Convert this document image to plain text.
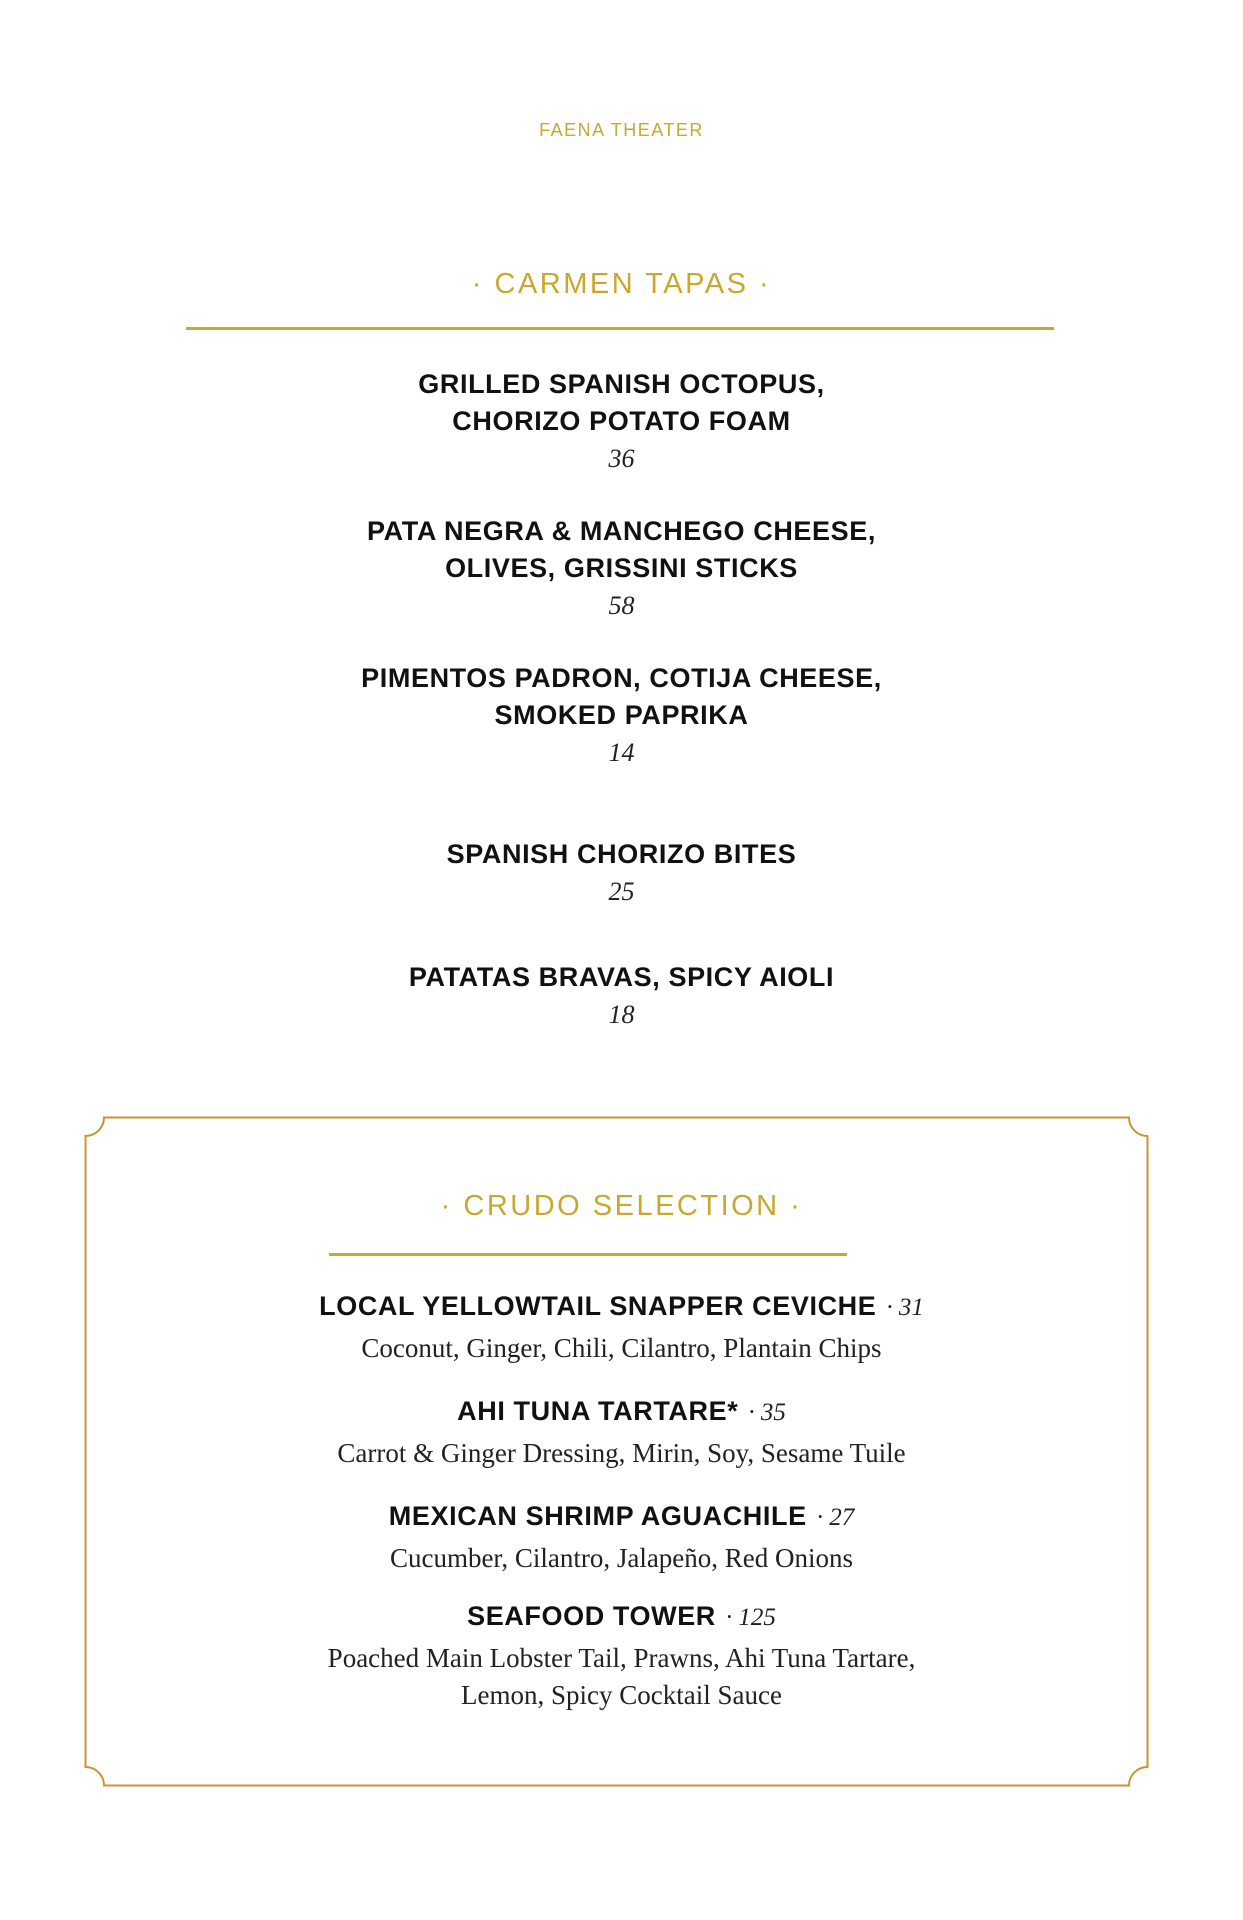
FAENA THEATER
· CARMEN TAPAS ·
GRILLED SPANISH OCTOPUS,
CHORIZO POTATO FOAM
36
PATA NEGRA & MANCHEGO CHEESE,
OLIVES, GRISSINI STICKS
58
PIMENTOS PADRON, COTIJA CHEESE,
SMOKED PAPRIKA
14
SPANISH CHORIZO BITES
25
PATATAS BRAVAS, SPICY AIOLI
18
· CRUDO SELECTION ·
LOCAL YELLOWTAIL SNAPPER CEVICHE · 31
Coconut, Ginger, Chili, Cilantro, Plantain Chips
AHI TUNA TARTARE* · 35
Carrot & Ginger Dressing, Mirin, Soy, Sesame Tuile
MEXICAN SHRIMP AGUACHILE · 27
Cucumber, Cilantro, Jalapeño, Red Onions
SEAFOOD TOWER · 125
Poached Main Lobster Tail, Prawns, Ahi Tuna Tartare,
Lemon, Spicy Cocktail Sauce
